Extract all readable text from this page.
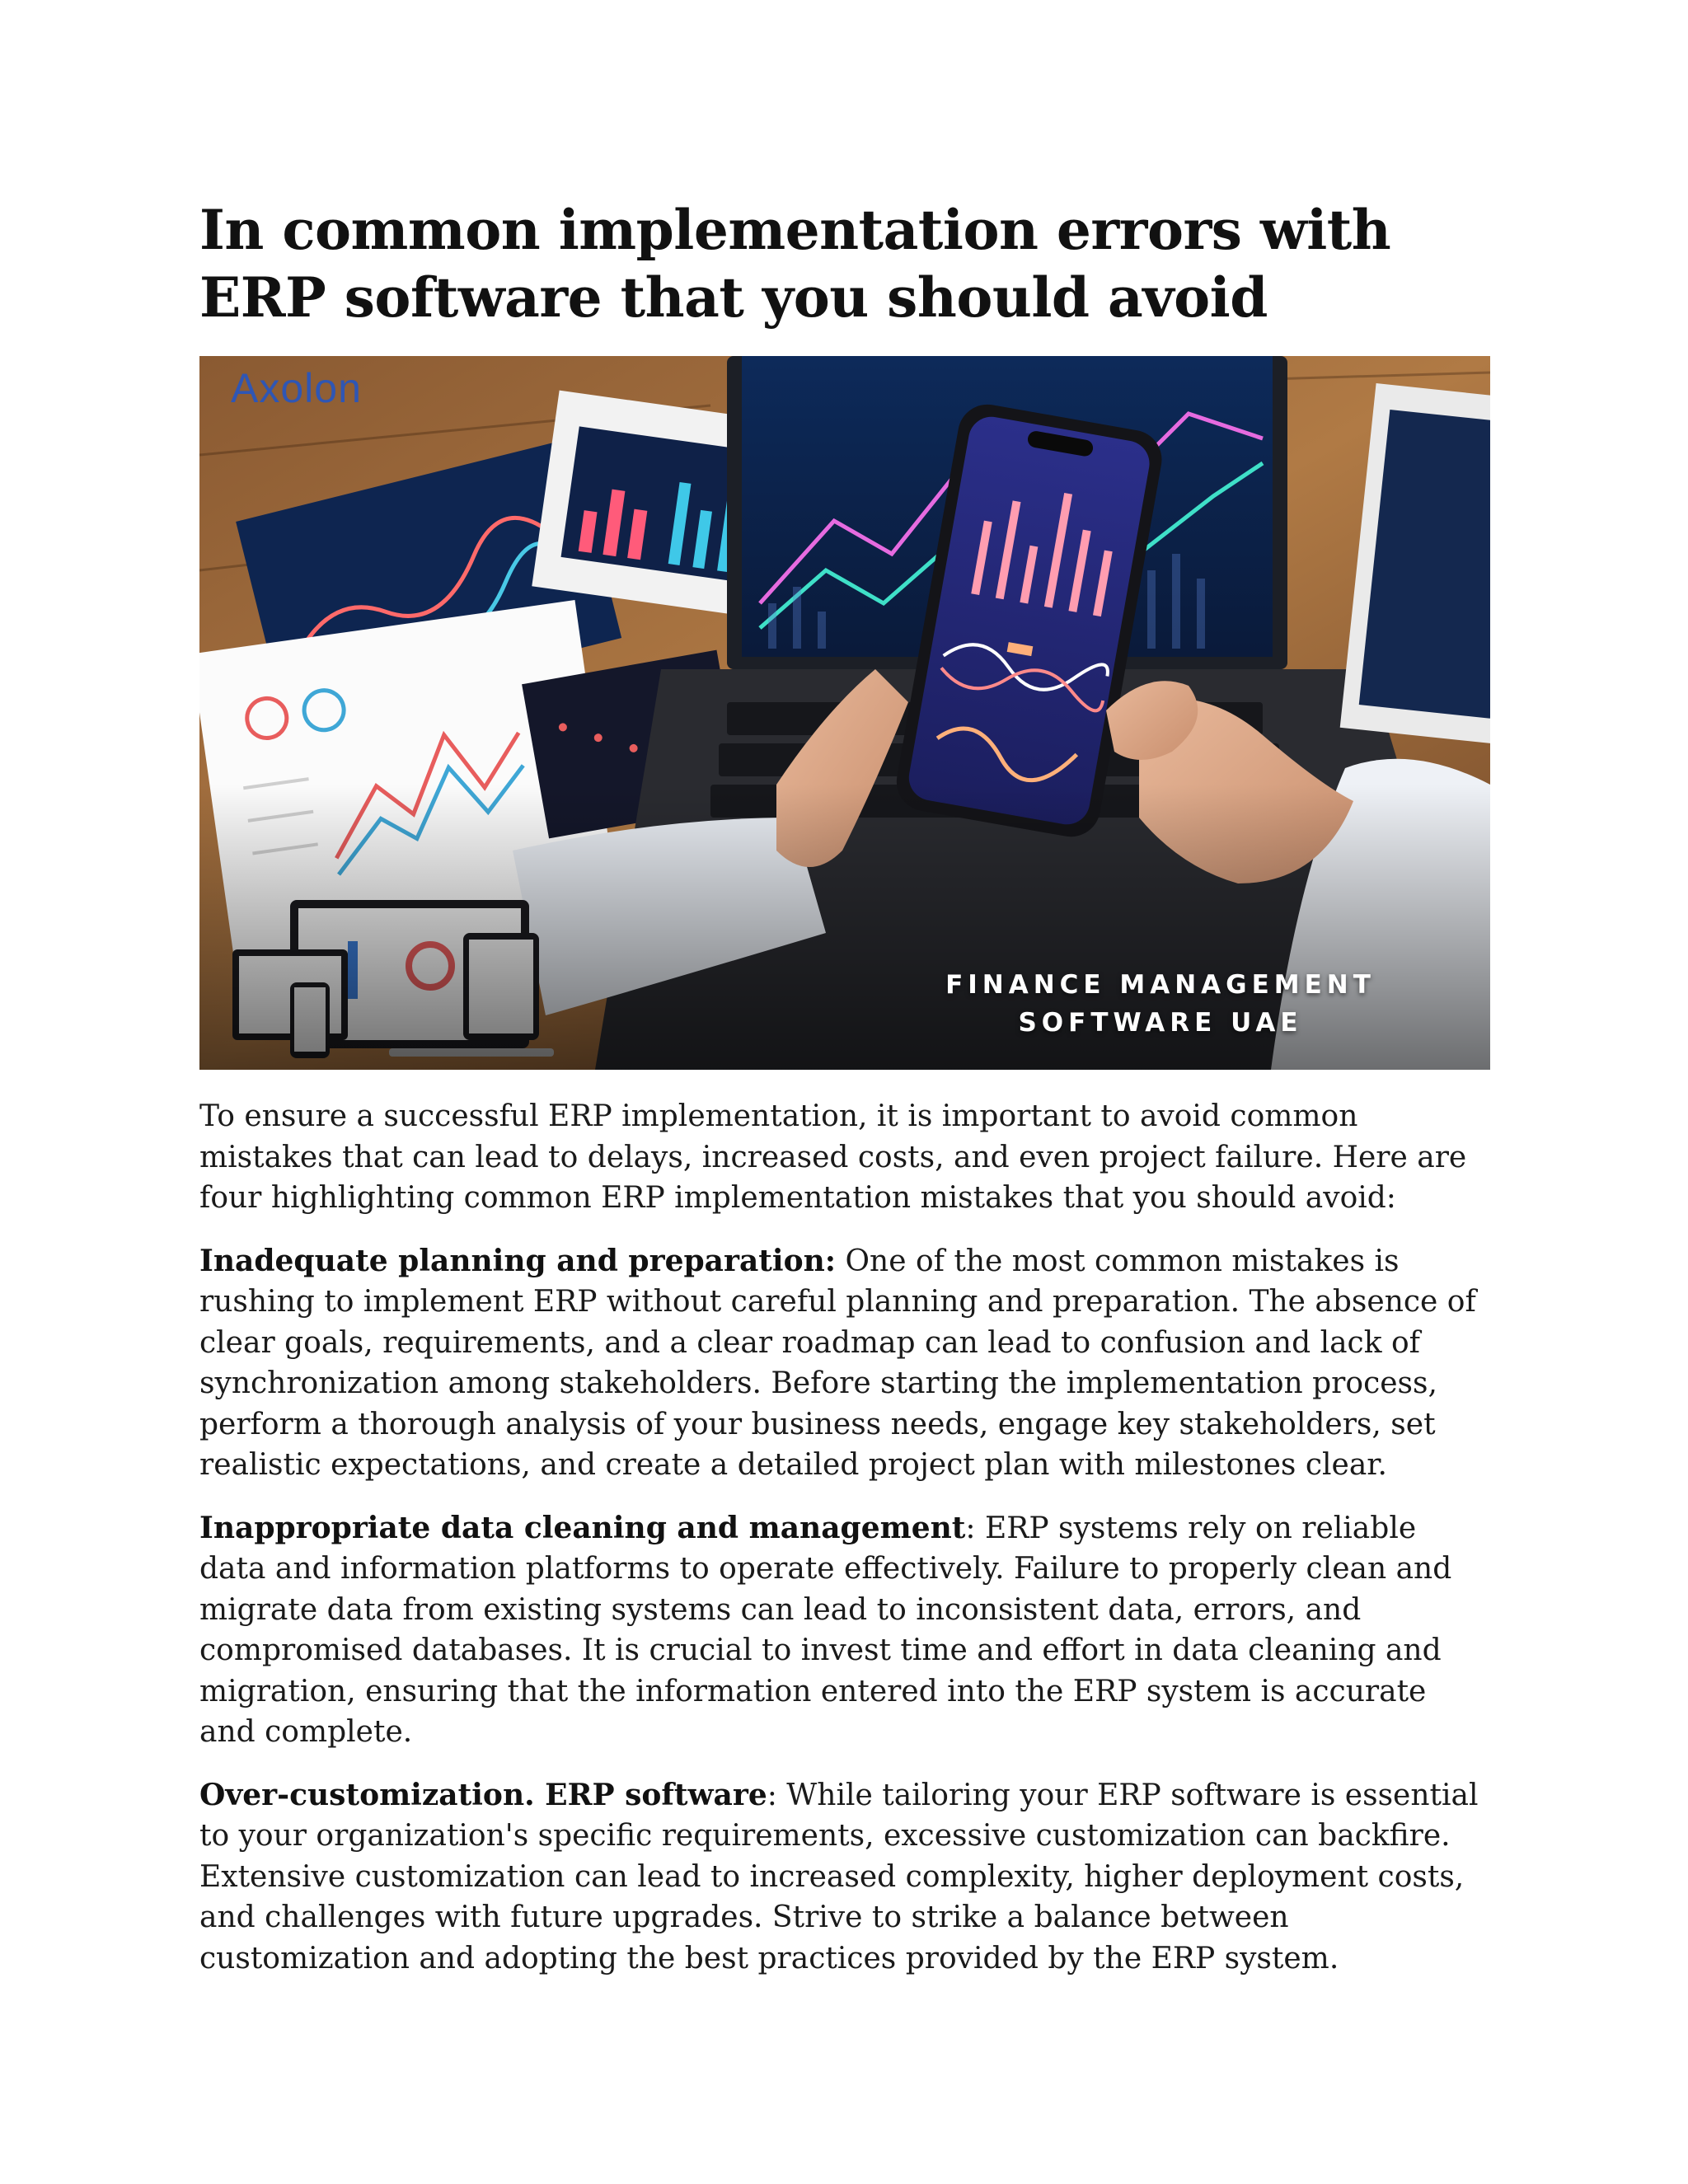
In common implementation errors with ERP software that you should avoid
Axolon
FINANCE MANAGEMENT
SOFTWARE UAE

To ensure a successful ERP implementation, it is important to avoid common mistakes that can lead to delays, increased costs, and even project failure. Here are four highlighting common ERP implementation mistakes that you should avoid:

Inadequate planning and preparation: One of the most common mistakes is rushing to implement ERP without careful planning and preparation. The absence of clear goals, requirements, and a clear roadmap can lead to confusion and lack of synchronization among stakeholders. Before starting the implementation process, perform a thorough analysis of your business needs, engage key stakeholders, set realistic expectations, and create a detailed project plan with milestones clear.

Inappropriate data cleaning and management: ERP systems rely on reliable data and information platforms to operate effectively. Failure to properly clean and migrate data from existing systems can lead to inconsistent data, errors, and compromised databases. It is crucial to invest time and effort in data cleaning and migration, ensuring that the information entered into the ERP system is accurate and complete.

Over-customization. ERP software: While tailoring your ERP software is essential to your organization's specific requirements, excessive customization can backfire. Extensive customization can lead to increased complexity, higher deployment costs, and challenges with future upgrades. Strive to strike a balance between customization and adopting the best practices provided by the ERP system.
